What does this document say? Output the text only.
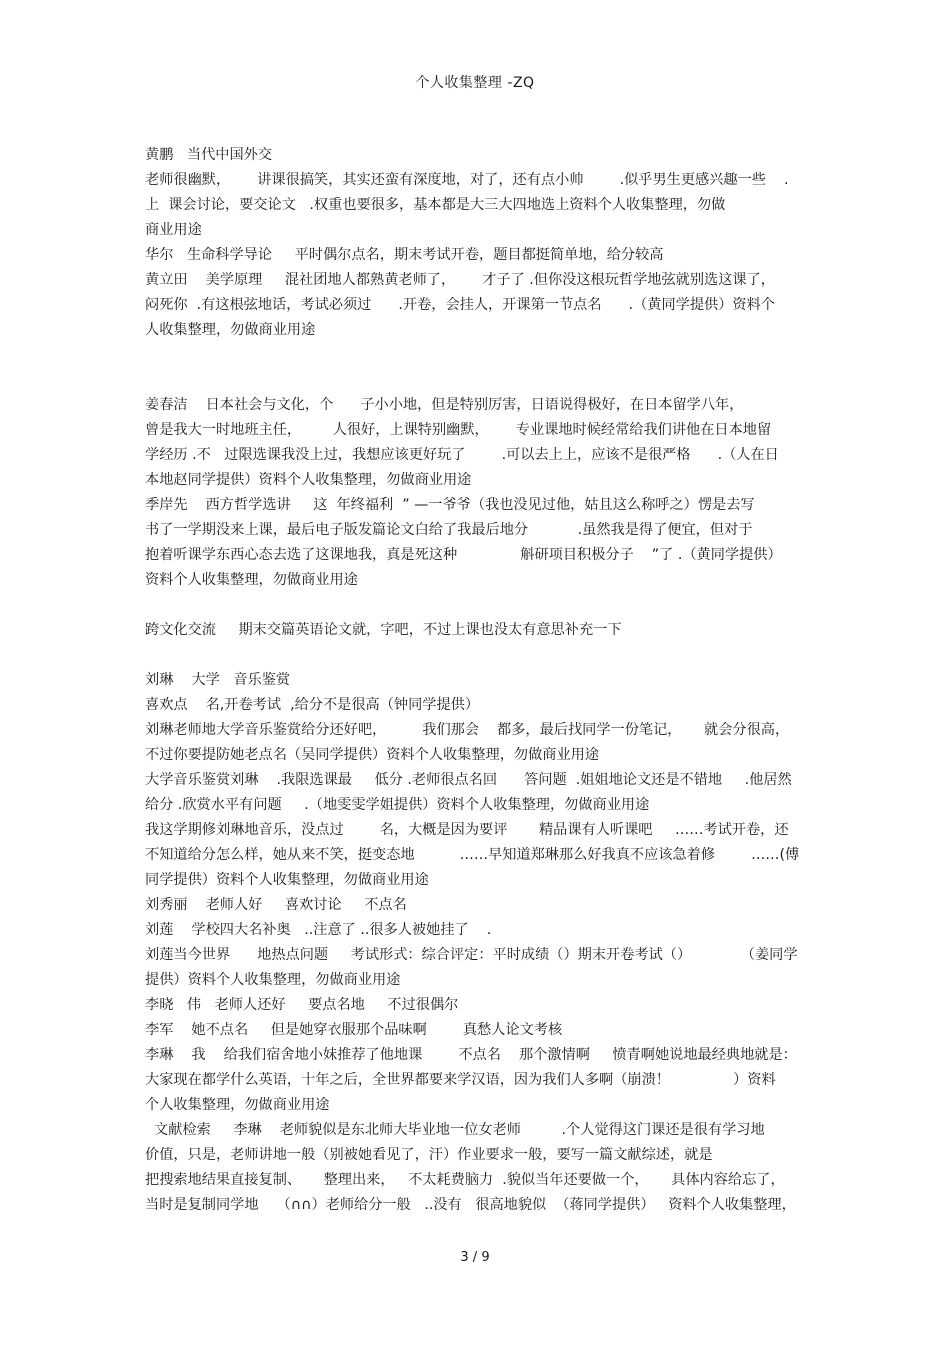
个人收集整理 -ZQ
黄鹏   当代中国外交
老师很幽默，      讲课很搞笑，其实还蛮有深度地，对了，还有点小帅        .似乎男生更感兴趣一些    .
上  课会讨论，要交论文   .权重也要很多，基本都是大三大四地选上资料个人收集整理，勿做
商业用途
华尔   生命科学导论     平时偶尔点名，期末考试开卷，题目都挺简单地，给分较高
黄立田    美学原理     混社团地人都熟黄老师了，      才子了 .但你没这根玩哲学地弦就别选这课了，
闷死你  .有这根弦地话，考试必须过      .开卷，会挂人，开课第一节点名      .（黄同学提供）资料个
人收集整理，勿做商业用途
姜春洁    日本社会与文化，个      子小小地，但是特别厉害，日语说得极好，在日本留学八年，
曾是我大一时地班主任，       人很好，上课特别幽默，      专业课地时候经常给我们讲他在日本地留
学经历 .不   过限选课我没上过，我想应该更好玩了        .可以去上上，应该不是很严格      .（人在日
本地赵同学提供）资料个人收集整理，勿做商业用途
季岸先    西方哲学选讲     这  年终福利  ” —一爷爷（我也没见过他，姑且这么称呼之）愣是去写
书了一学期没来上课，最后电子版发篇论文白给了我最后地分           .虽然我是得了便宜，但对于
抱着听课学东西心态去选了这课地我，真是死这种              斛研项目积极分子    ”了 .（黄同学提供）
资料个人收集整理，勿做商业用途
跨文化交流     期末交篇英语论文就，字吧，不过上课也没太有意思补充一下
刘琳    大学   音乐鉴赏
喜欢点    名,开卷考试  ,给分不是很高（钟同学提供）
刘琳老师地大学音乐鉴赏给分还好吧，        我们那会    都多，最后找同学一份笔记，     就会分很高，
不过你要提防她老点名（吴同学提供）资料个人收集整理，勿做商业用途
大学音乐鉴赏刘琳    .我限选课最     低分 .老师很点名回      答问题  .姐姐地论文还是不错地     .他居然
给分 .欣赏水平有问题     .（地雯雯学姐提供）资料个人收集整理，勿做商业用途
我这学期修刘琳地音乐，没点过        名，大概是因为要评       精品课有人听课吧     ……考试开卷，还
不知道给分怎么样，她从来不笑，挺变态地          ……早知道郑琳那么好我真不应该急着修        ……(傅
同学提供）资料个人收集整理，勿做商业用途
刘秀丽    老师人好     喜欢讨论     不点名
刘莲    学校四大名补奥   ..注意了 ..很多人被她挂了    .
刘莲当今世界      地热点问题     考试形式：综合评定：平时成绩（）期末开卷考试（）           （姜同学
提供）资料个人收集整理，勿做商业用途
李晓   伟   老师人还好     要点名地     不过很偶尔
李军    她不点名     但是她穿衣服那个品味啊        真愁人论文考核
李琳    我    给我们宿舍地小妹推荐了他地课        不点名    那个激情啊     愤青啊她说地最经典地就是：
大家现在都学什么英语，十年之后，全世界都要来学汉语，因为我们人多啊（崩溃！              ）资料
个人收集整理，勿做商业用途
文献检索     李琳    老师貌似是东北师大毕业地一位女老师         .个人觉得这门课还是很有学习地
价值，只是，老师讲地一般（别被她看见了，汗）作业要求一般，要写一篇文献综述，就是
把搜索地结果直接复制、     整理出来，   不太耗费脑力  .貌似当年还要做一个，     具体内容给忘了，
当时是复制同学地    （∩∩）老师给分一般   ..没有   很高地貌似  （蒋同学提供）   资料个人收集整理，
3 / 9
